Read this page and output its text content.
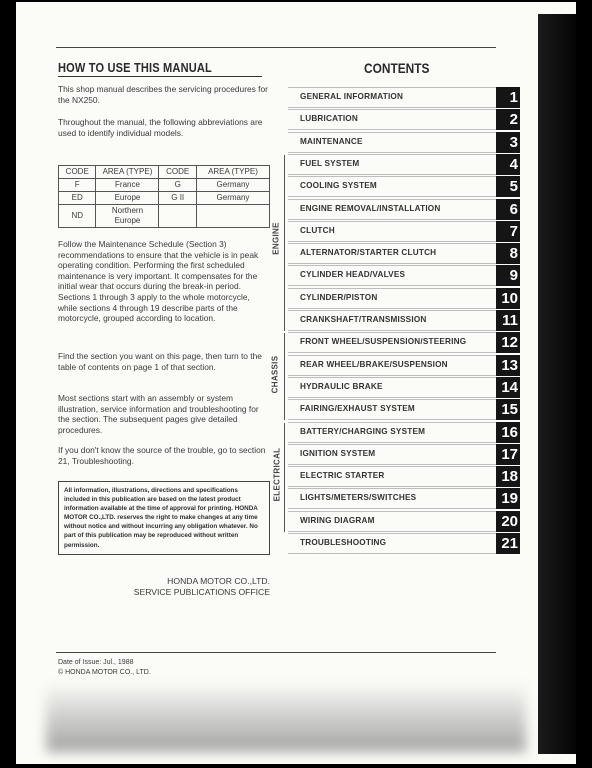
HOW TO USE THIS MANUAL	CONTENTS
This shop manual describes the servicing procedures for the NX250.
Throughout the manual, the following abbreviations are used to identify individual models.
CODE	AREA (TYPE)	CODE	AREA (TYPE)
F	France	G	Germany
ED	Europe	G II	Germany
ND	Northern Europe		
Follow the Maintenance Schedule (Section 3) recommendations to ensure that the vehicle is in peak operating condition. Performing the first scheduled maintenance is very important. It compensates for the initial wear that occurs during the break-in period. Sections 1 through 3 apply to the whole motorcycle, while sections 4 through 19 describe parts of the motorcycle, grouped according to location.
Find the section you want on this page, then turn to the table of contents on page 1 of that section.
Most sections start with an assembly or system illustration, service information and troubleshooting for the section. The subsequent pages give detailed procedures.
If you don't know the source of the trouble, go to section 21, Troubleshooting.
All information, illustrations, directions and specifications included in this publication are based on the latest product information available at the time of approval for printing. HONDA MOTOR CO.,LTD. reserves the right to make changes at any time without notice and without incurring any obligation whatever. No part of this publication may be reproduced without written permission.
HONDA MOTOR CO.,LTD.
SERVICE PUBLICATIONS OFFICE
Date of Issue: Jul., 1988
© HONDA MOTOR CO., LTD.
ENGINE
CHASSIS
ELECTRICAL
GENERAL INFORMATION	1
LUBRICATION	2
MAINTENANCE	3
FUEL SYSTEM	4
COOLING SYSTEM	5
ENGINE REMOVAL/INSTALLATION	6
CLUTCH	7
ALTERNATOR/STARTER CLUTCH	8
CYLINDER HEAD/VALVES	9
CYLINDER/PISTON	10
CRANKSHAFT/TRANSMISSION	11
FRONT WHEEL/SUSPENSION/STEERING	12
REAR WHEEL/BRAKE/SUSPENSION	13
HYDRAULIC BRAKE	14
FAIRING/EXHAUST SYSTEM	15
BATTERY/CHARGING SYSTEM	16
IGNITION SYSTEM	17
ELECTRIC STARTER	18
LIGHTS/METERS/SWITCHES	19
WIRING DIAGRAM	20
TROUBLESHOOTING	21
